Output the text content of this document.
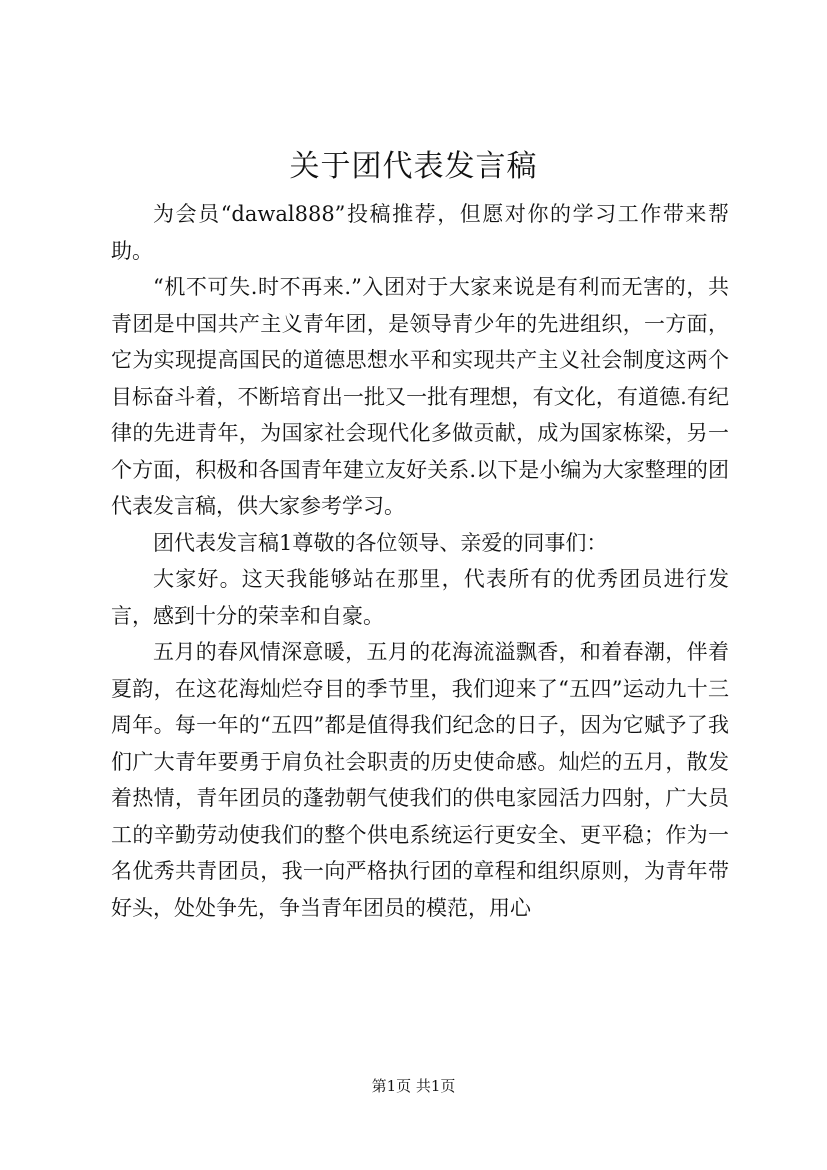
关于团代表发言稿

为会员“dawal888”投稿推荐，但愿对你的学习工作带来帮助。

“机不可失.时不再来.”入团对于大家来说是有利而无害的，共青团是中国共产主义青年团，是领导青少年的先进组织，一方面，它为实现提高国民的道德思想水平和实现共产主义社会制度这两个目标奋斗着，不断培育出一批又一批有理想，有文化，有道德.有纪律的先进青年，为国家社会现代化多做贡献，成为国家栋梁，另一个方面，积极和各国青年建立友好关系.以下是小编为大家整理的团代表发言稿，供大家参考学习。

团代表发言稿1尊敬的各位领导、亲爱的同事们：

大家好。这天我能够站在那里，代表所有的优秀团员进行发言，感到十分的荣幸和自豪。

五月的春风情深意暖，五月的花海流溢飘香，和着春潮，伴着夏韵，在这花海灿烂夺目的季节里，我们迎来了“五四”运动九十三周年。每一年的“五四”都是值得我们纪念的日子，因为它赋予了我们广大青年要勇于肩负社会职责的历史使命感。灿烂的五月，散发着热情，青年团员的蓬勃朝气使我们的供电家园活力四射，广大员工的辛勤劳动使我们的整个供电系统运行更安全、更平稳；作为一名优秀共青团员，我一向严格执行团的章程和组织原则，为青年带好头，处处争先，争当青年团员的模范，用心

第1页 共1页
